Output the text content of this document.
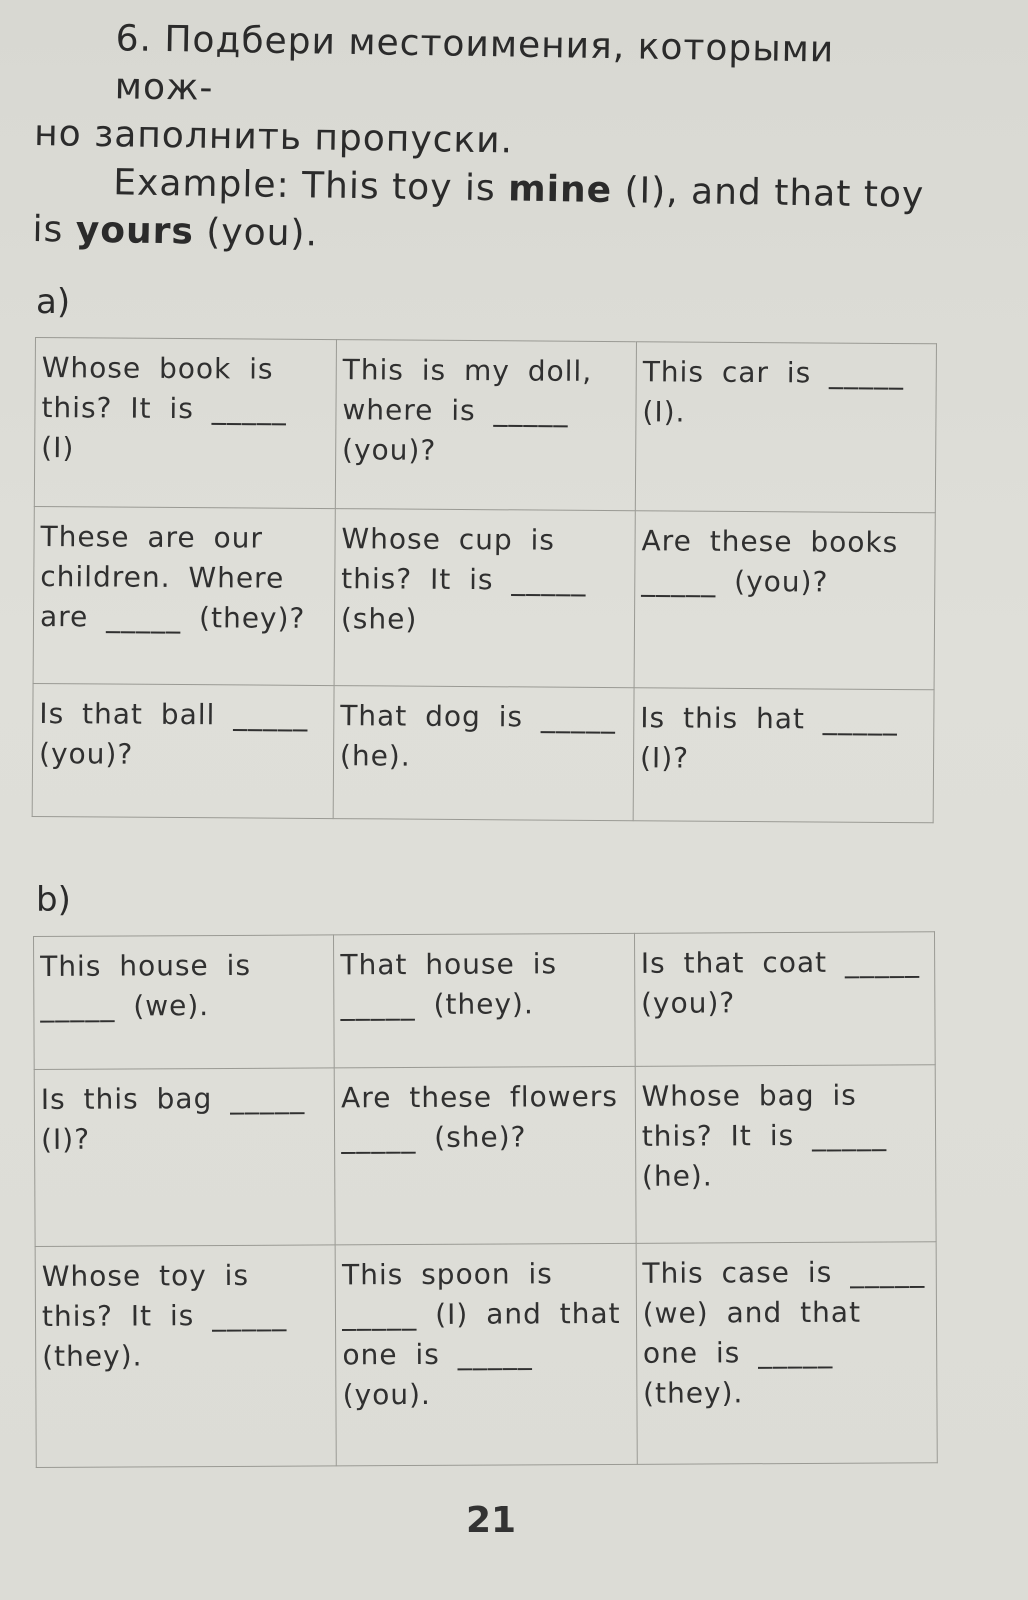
6. Подбери местоимения, которыми мож-
но заполнить пропуски.
Example: This toy is mine (I), and that toy
is yours (you).
a)
Whose book is this? It is _____ (I)	This is my doll, where is _____ (you)?	This car is _____ (I).
These are our children. Where are _____ (they)?	Whose cup is this? It is _____ (she)	Are these books _____ (you)?
Is that ball _____ (you)?	That dog is _____ (he).	Is this hat _____ (I)?
b)
This house is _____ (we).	That house is _____ (they).	Is that coat _____ (you)?
Is this bag _____ (I)?	Are these flowers _____ (she)?	Whose bag is this? It is _____ (he).
Whose toy is this? It is _____ (they).	This spoon is _____ (I) and that one is _____ (you).	This case is _____ (we) and that one is _____ (they).
21
